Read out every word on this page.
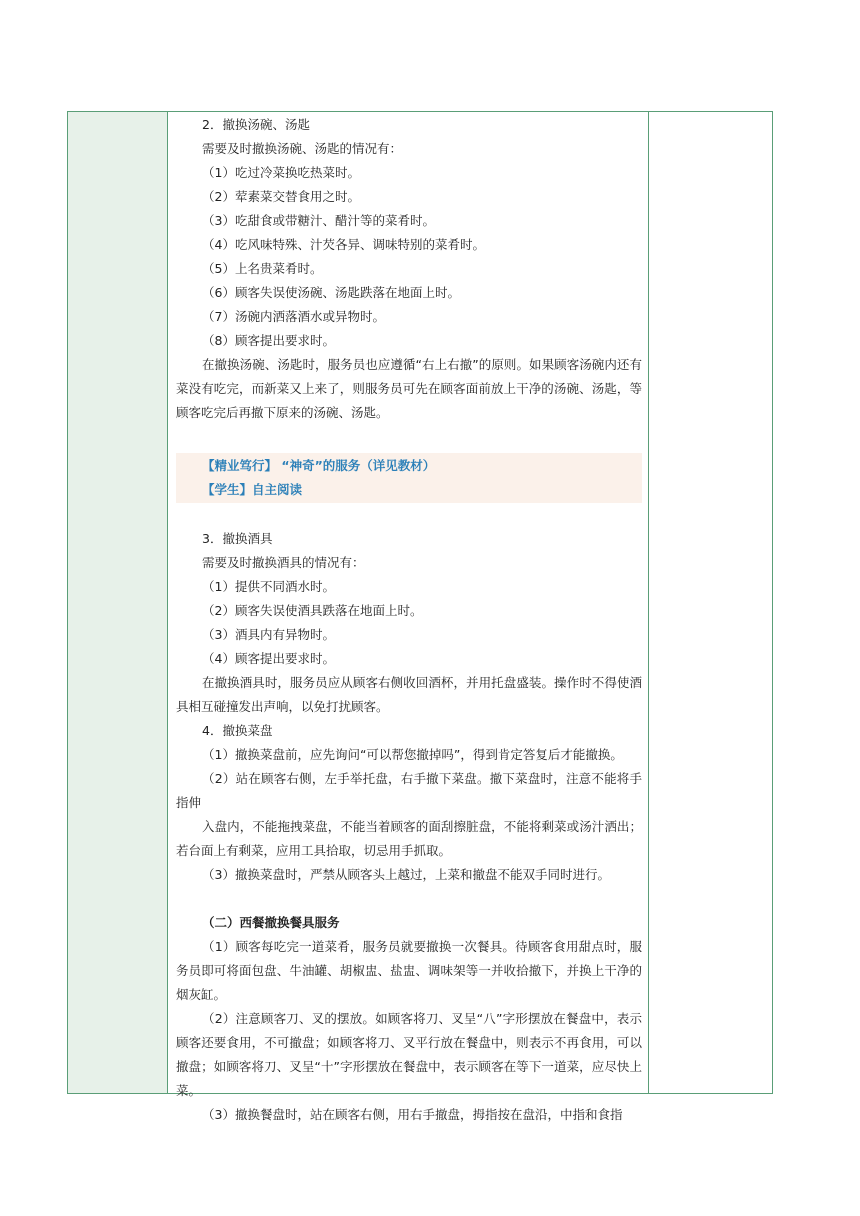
2．撤换汤碗、汤匙

需要及时撤换汤碗、汤匙的情况有：

（1）吃过冷菜换吃热菜时。

（2）荤素菜交替食用之时。

（3）吃甜食或带糖汁、醋汁等的菜肴时。

（4）吃风味特殊、汁芡各异、调味特别的菜肴时。

（5）上名贵菜肴时。

（6）顾客失误使汤碗、汤匙跌落在地面上时。

（7）汤碗内洒落酒水或异物时。

（8）顾客提出要求时。

在撤换汤碗、汤匙时，服务员也应遵循“右上右撤”的原则。如果顾客汤碗内还有菜没有吃完，而新菜又上来了，则服务员可先在顾客面前放上干净的汤碗、汤匙，等顾客吃完后再撤下原来的汤碗、汤匙。

【精业笃行】 “神奇”的服务（详见教材）

【学生】自主阅读

3．撤换酒具

需要及时撤换酒具的情况有：

（1）提供不同酒水时。

（2）顾客失误使酒具跌落在地面上时。

（3）酒具内有异物时。

（4）顾客提出要求时。

在撤换酒具时，服务员应从顾客右侧收回酒杯，并用托盘盛装。操作时不得使酒具相互碰撞发出声响，以免打扰顾客。

4．撤换菜盘

（1）撤换菜盘前，应先询问“可以帮您撤掉吗”，得到肯定答复后才能撤换。

（2）站在顾客右侧，左手举托盘，右手撤下菜盘。撤下菜盘时，注意不能将手指伸

入盘内，不能拖拽菜盘，不能当着顾客的面刮擦脏盘，不能将剩菜或汤汁洒出；若台面上有剩菜，应用工具拾取，切忌用手抓取。

（3）撤换菜盘时，严禁从顾客头上越过，上菜和撤盘不能双手同时进行。

（二）西餐撤换餐具服务

（1）顾客每吃完一道菜肴，服务员就要撤换一次餐具。待顾客食用甜点时，服务员即可将面包盘、牛油罐、胡椒盅、盐盅、调味架等一并收拾撤下，并换上干净的烟灰缸。

（2）注意顾客刀、叉的摆放。如顾客将刀、叉呈“八”字形摆放在餐盘中，表示顾客还要食用，不可撤盘；如顾客将刀、叉平行放在餐盘中，则表示不再食用，可以撤盘；如顾客将刀、叉呈“十”字形摆放在餐盘中，表示顾客在等下一道菜，应尽快上菜。

（3）撤换餐盘时，站在顾客右侧，用右手撤盘，拇指按在盘沿，中指和食指
